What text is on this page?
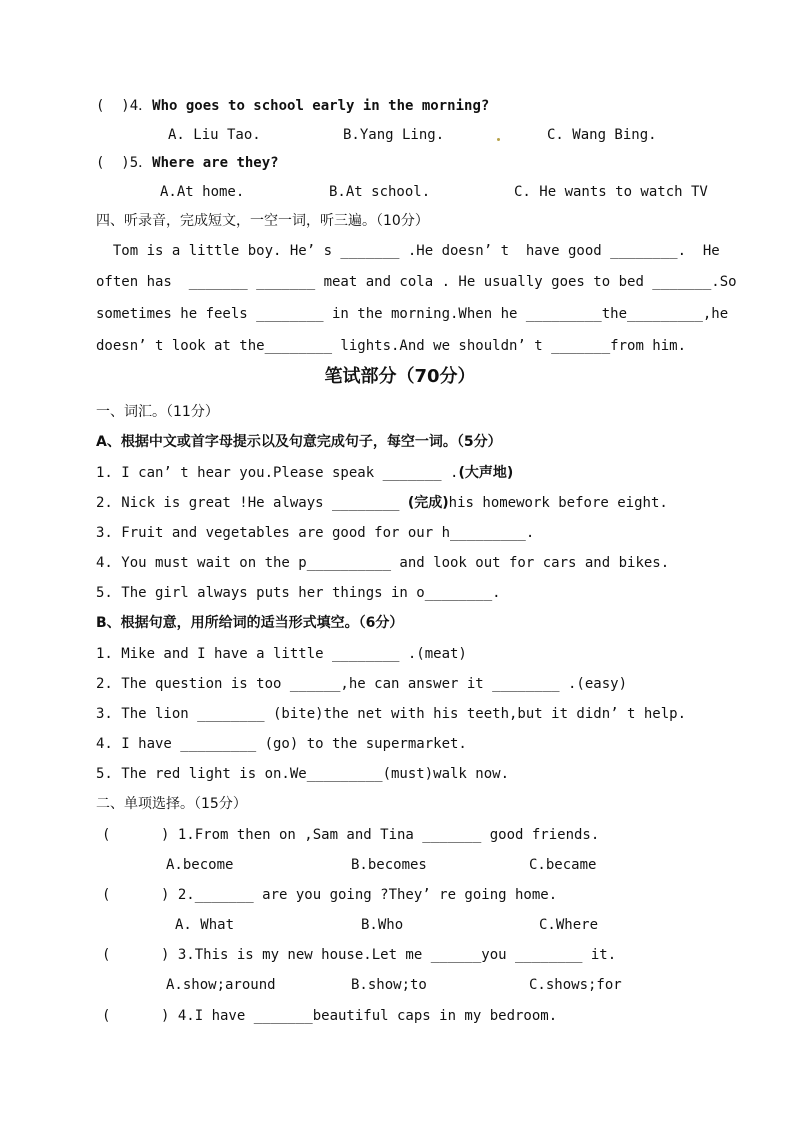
(  )4．Who goes to school early in the morning?
A. Liu Tao.	B.Yang Ling.	C. Wang Bing.
(  )5．Where are they?
A.At home.	B.At school.	C. He wants to watch TV
四、听录音，完成短文，一空一词，听三遍。（10分）
Tom is a little boy. He’ s _______ .He doesn’ t  have good ________.  He
often has  _______ _______ meat and cola . He usually goes to bed _______.So
sometimes he feels ________ in the morning.When he _________the_________,he
doesn’ t look at the________ lights.And we shouldn’ t _______from him.
笔试部分（70分）
一、词汇。（11分）
A、根据中文或首字母提示以及句意完成句子，每空一词。（5分）
1. I can’ t hear you.Please speak _______ .(大声地)
2. Nick is great !He always ________ (完成)his homework before eight.
3. Fruit and vegetables are good for our h_________.
4. You must wait on the p__________ and look out for cars and bikes.
5. The girl always puts her things in o________.
B、根据句意，用所给词的适当形式填空。（6分）
1. Mike and I have a little ________ .(meat)
2. The question is too ______,he can answer it ________ .(easy)
3. The lion ________ (bite)the net with his teeth,but it didn’ t help.
4. I have _________ (go) to the supermarket.
5. The red light is on.We_________(must)walk now.
二、单项选择。（15分）
(      ) 1.From then on ,Sam and Tina _______ good friends.
A.become	B.becomes	C.became
(      ) 2._______ are you going ?They’ re going home.
A. What	B.Who	C.Where
(      ) 3.This is my new house.Let me ______you ________ it.
A.show;around	B.show;to	C.shows;for
(      ) 4.I have _______beautiful caps in my bedroom.
